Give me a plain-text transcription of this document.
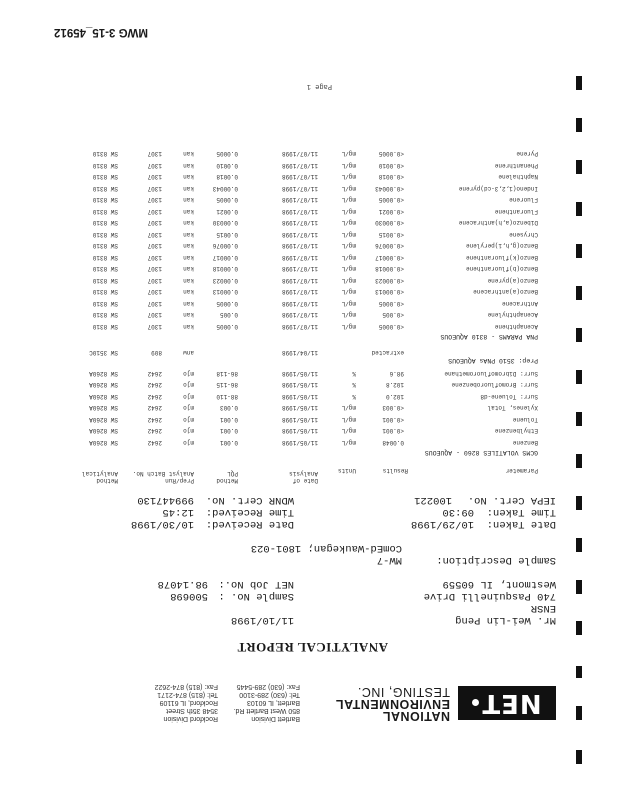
NET
NATIONAL
ENVIRONMENTAL
TESTING, INC.
Bartlett Division
850 West Bartlett Rd.
Bartlett, IL 60103
Tel: (630) 289-3100
Fax: (630) 289-5445
Rockford Division
3548 35th Street
Rockford, IL 61109
Tel: (815) 874-2171
Fax: (815) 874-2622
ANALYTICAL REPORT
Mr. Wei-Lin Peng
ENSR
740 Pasquinelli Drive
Westmont, IL 60559
11/10/1998
Sample No. :
500698
NET Job No.:
98.14078
Sample Description:
MW-7
ComEd-Waukegan; 1801-023
Date Taken:
10/29/1998
Date Received:
10/30/1998
Time Taken:
09:30
Time Received:
12:45
IEPA Cert. No.
100221
WDNR Cert. No.
999447130
Parameter
Results
Units
Date of
Analysis
Method
PQL
Prep/Run
Analyst Batch No.
Method
Analytical
GCMS VOLATILES 8260 - AQUEOUS
Benzene
0.0048
mg/L
11/05/1998
0.001
mjo
2642
SW 8260A
Ethylbenzene
<0.001
mg/L
11/05/1998
0.001
mjo
2642
SW 8260A
Toluene
<0.001
mg/L
11/05/1998
0.001
mjo
2642
SW 8260A
Xylenes, Total
<0.003
mg/L
11/05/1998
0.003
mjo
2642
SW 8260A
Surr: Toluene-d8
102.0
%
11/05/1998
88-110
mjo
2642
SW 8260A
Surr: Bromofluorobenzene
102.8
%
11/05/1998
86-115
mjo
2642
SW 8260A
Surr: Dibromofluoromethane
98.6
%
11/05/1998
86-118
mjo
2642
SW 8260A
Prep: 3510 PNAs AQUEOUS
extracted
11/04/1998
anw
809
SW 3510C
PNA PARAMS - 8310 AQUEOUS
Acenaphthene
<0.0005
mg/L
11/07/1998
0.0005
kan
1307
SW 8310
Acenaphthylene
<0.005
mg/L
11/07/1998
0.005
kan
1307
SW 8310
Anthracene
<0.0005
mg/L
11/07/1998
0.0005
kan
1307
SW 8310
Benzo(a)anthracene
<0.00013
mg/L
11/07/1998
0.00013
kan
1307
SW 8310
Benzo(a)pyrene
<0.00023
mg/L
11/07/1998
0.00023
kan
1307
SW 8310
Benzo(b)fluoranthene
<0.00018
mg/L
11/07/1998
0.00018
kan
1307
SW 8310
Benzo(k)fluoranthene
<0.00017
mg/L
11/07/1998
0.00017
kan
1307
SW 8310
Benzo(g,h,i)perylene
<0.00076
mg/L
11/07/1998
0.00076
kan
1307
SW 8310
Chrysene
<0.0015
mg/L
11/07/1998
0.0015
kan
1307
SW 8310
Dibenzo(a,h)anthracene
<0.00030
mg/L
11/07/1998
0.00030
kan
1307
SW 8310
Fluoranthene
<0.0021
mg/L
11/07/1998
0.0021
kan
1307
SW 8310
Fluorene
<0.0005
mg/L
11/07/1998
0.0005
kan
1307
SW 8310
Indeno(1,2,3-cd)pyrene
<0.00043
mg/L
11/07/1998
0.00043
kan
1307
SW 8310
Naphthalene
<0.0018
mg/L
11/07/1998
0.0018
kan
1307
SW 8310
Phenanthrene
<0.0010
mg/L
11/07/1998
0.0010
kan
1307
SW 8310
Pyrene
<0.0005
mg/L
11/07/1998
0.0005
kan
1307
SW 8310
Page 1
MWG 3-15_45912
